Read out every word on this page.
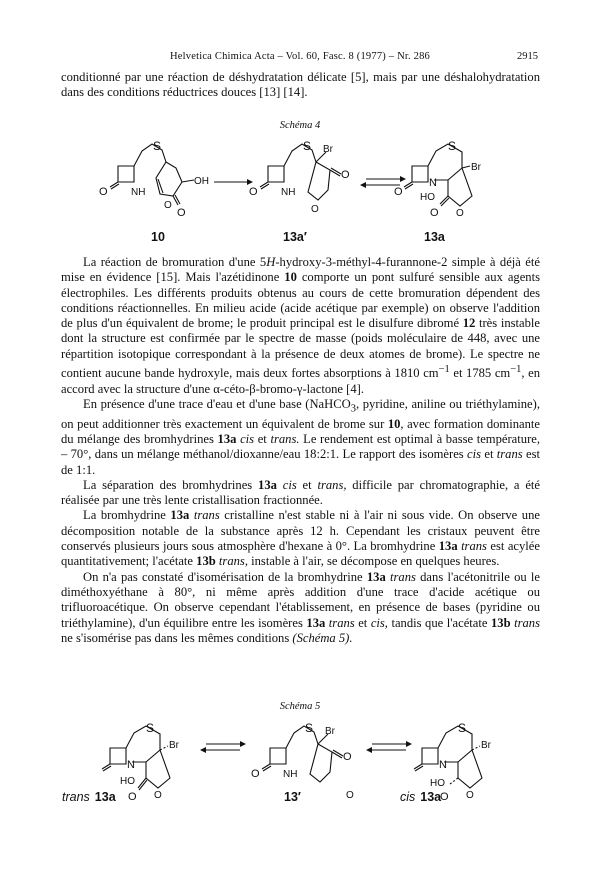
Helvetica Chimica Acta – Vol. 60, Fasc. 8 (1977) – Nr. 286	2915

conditionné par une réaction de déshydratation délicate [5], mais par une déshalohydratation dans des conditions réductrices douces [13] [14].

Schéma 4
S
NH
O
OH
O
O
S Br
NH
O
O
O
S
Br
N
O HO
O
O
10	13a′	13a

La réaction de bromuration d'une 5H-hydroxy-3-méthyl-4-furannone-2 simple à déjà été mise en évidence [15]. Mais l'azétidinone 10 comporte un pont sulfuré sensible aux agents électrophiles. Les différents produits obtenus au cours de cette bromuration dépendent des conditions réactionnelles. En milieu acide (acide acétique par exemple) on observe l'addition de plus d'un équivalent de brome; le produit principal est le disulfure dibromé 12 très instable dont la structure est confirmée par le spectre de masse (poids moléculaire de 448, avec une répartition isotopique correspondant à la présence de deux atomes de brome). Le spectre ne contient aucune bande hydroxyle, mais deux fortes absorptions à 1810 $cm^{-1}$ et 1785 $cm^{-1}$, en accord avec la structure d'une α-céto-β-bromo-γ-lactone [4].

En présence d'une trace d'eau et d'une base (NaHCO$_3$, pyridine, aniline ou triéthylamine), on peut additionner très exactement un équivalent de brome sur 10, avec formation dominante du mélange des bromhydrines 13a cis et trans. Le rendement est optimal à basse température, – 70°, dans un mélange méthanol/dioxanne/eau 18:2:1. Le rapport des isomères cis et trans est de 1:1.

La séparation des bromhydrines 13a cis et trans, difficile par chromatographie, a été réalisée par une très lente cristallisation fractionnée.

La bromhydrine 13a trans cristalline n'est stable ni à l'air ni sous vide. On observe une décomposition notable de la substance après 12 h. Cependant les cristaux peuvent être conservés plusieurs jours sous atmosphère d'hexane à 0°. La bromhydrine 13a trans est acylée quantitativement; l'acétate 13b trans, instable à l'air, se décompose en quelques heures.

On n'a pas constaté d'isomérisation de la bromhydrine 13a trans dans l'acétonitrile ou le diméthoxyéthane à 80°, ni même après addition d'une trace d'acide acétique ou trifluoroacétique. On observe cependant l'établissement, en présence de bases (pyridine ou triéthylamine), d'un équilibre entre les isomères 13a trans et cis, tandis que l'acétate 13b trans ne s'isomérise pas dans les mêmes conditions (Schéma 5).

Schéma 5
S
Br
N
HO
O
O
S Br
NH
O
O
O
S
Br
N
HO
O
O
trans 13a	13′	cis 13a
